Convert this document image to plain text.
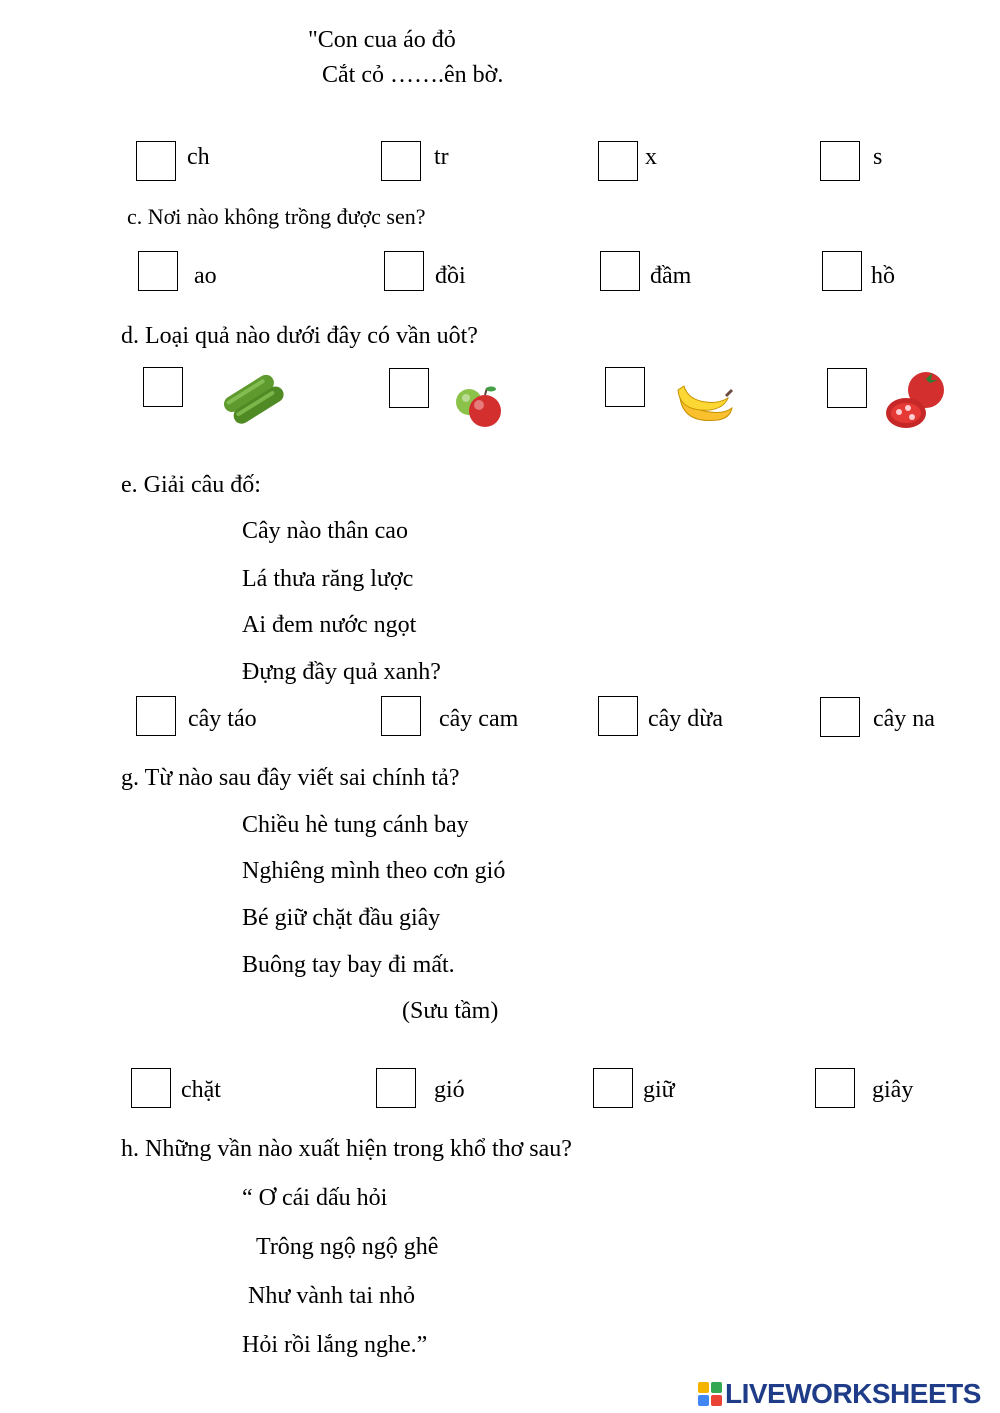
"Con cua áo đỏ
Cắt cỏ …….ên bờ.
ch	tr	x	s
c. Nơi nào không trồng được sen?
ao	đồi	đầm	hồ
d. Loại quả nào dưới đây có vần uôt?
e. Giải câu đố:
Cây nào thân cao
Lá thưa răng lược
Ai đem nước ngọt
Đựng đầy quả xanh?
cây táo	cây cam	cây dừa	cây na
g. Từ nào sau đây viết sai chính tả?
Chiều hè tung cánh bay
Nghiêng mình theo cơn gió
Bé giữ chặt đầu giây
Buông tay bay đi mất.
(Sưu tầm)
chặt	gió	giữ	giây
h. Những vần nào xuất hiện trong khổ thơ sau?
“ Ơ cái dấu hỏi
Trông ngộ ngộ ghê
Như vành tai nhỏ
Hỏi rồi lắng nghe.”
LIVEWORKSHEETS
